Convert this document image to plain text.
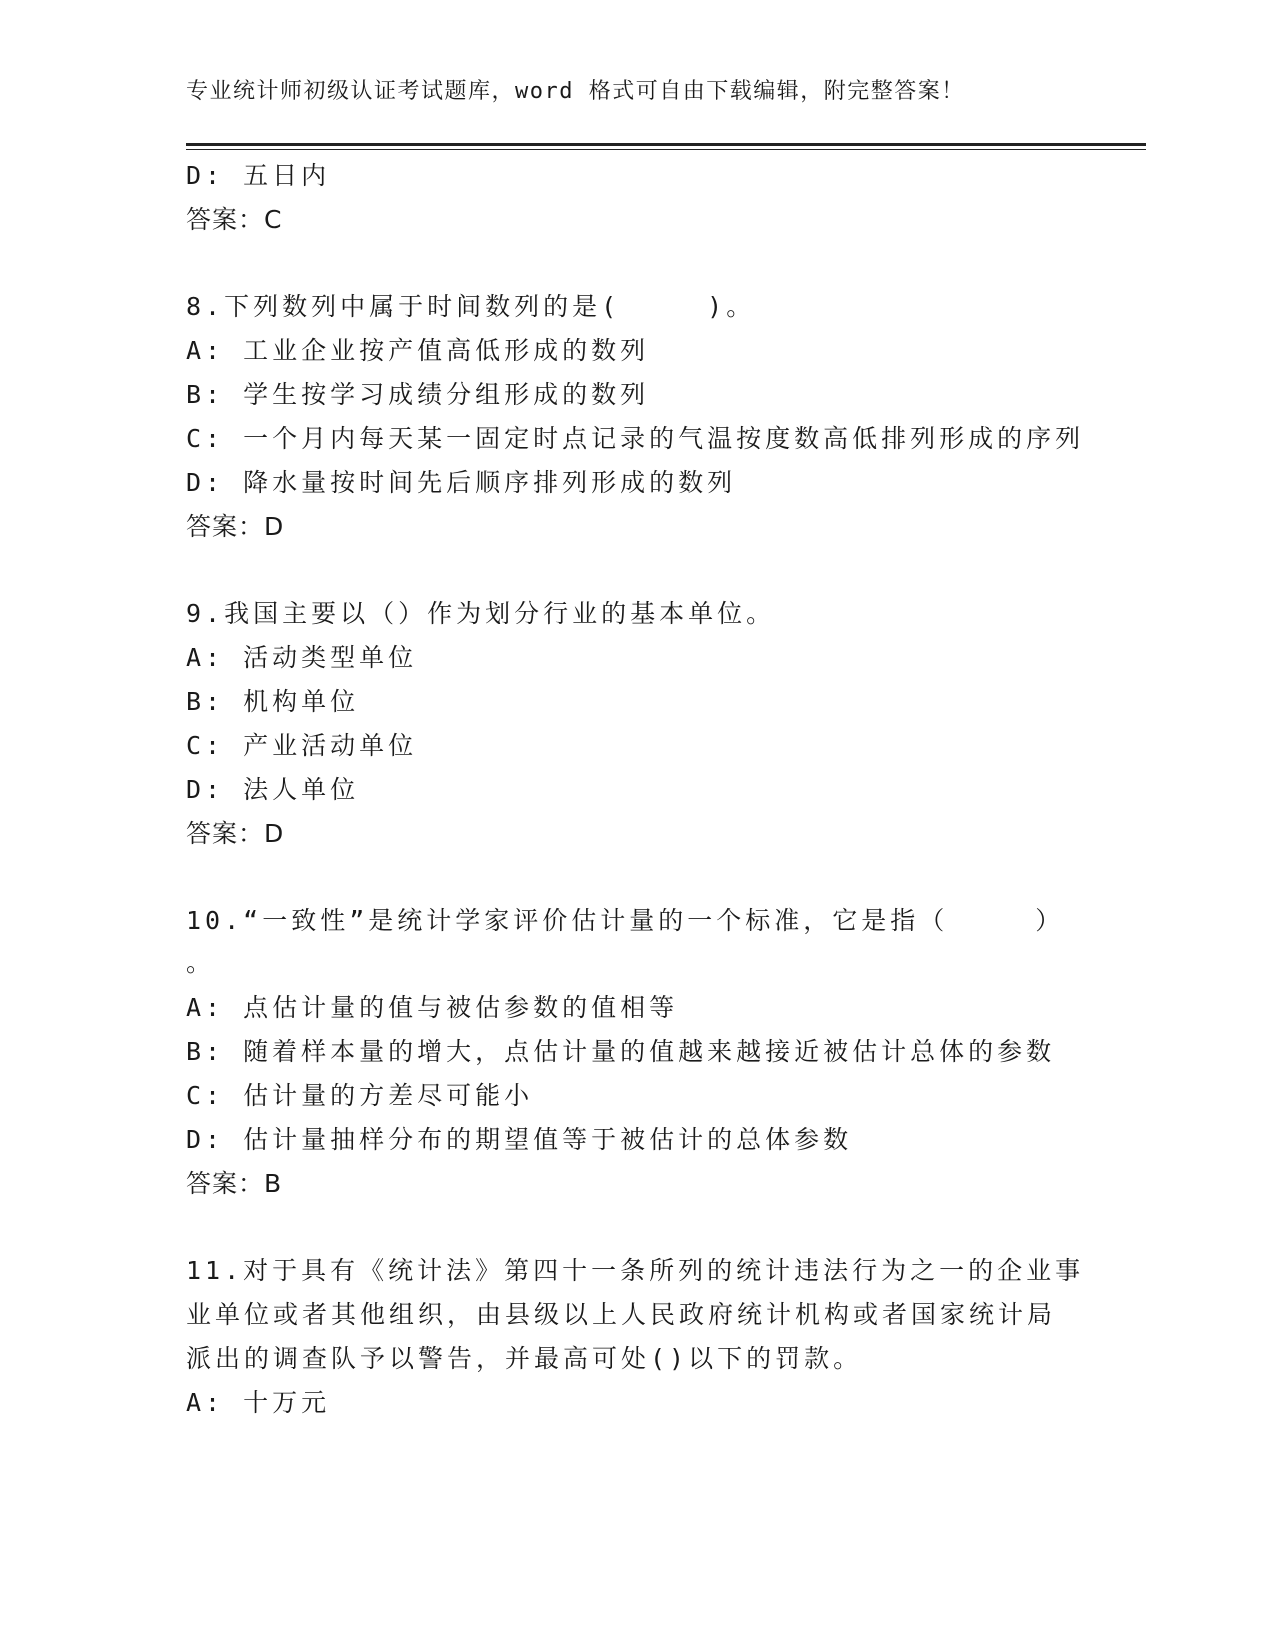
专业统计师初级认证考试题库，word 格式可自由下载编辑，附完整答案！
D: 五日内
答案：C
8.下列数列中属于时间数列的是(　　　)。
A: 工业企业按产值高低形成的数列
B: 学生按学习成绩分组形成的数列
C: 一个月内每天某一固定时点记录的气温按度数高低排列形成的序列
D: 降水量按时间先后顺序排列形成的数列
答案：D
9.我国主要以（）作为划分行业的基本单位。
A: 活动类型单位
B: 机构单位
C: 产业活动单位
D: 法人单位
答案：D
10.“一致性”是统计学家评价估计量的一个标准，它是指（　　　）
。
A: 点估计量的值与被估参数的值相等
B: 随着样本量的增大，点估计量的值越来越接近被估计总体的参数
C: 估计量的方差尽可能小
D: 估计量抽样分布的期望值等于被估计的总体参数
答案：B
11.对于具有《统计法》第四十一条所列的统计违法行为之一的企业事
业单位或者其他组织，由县级以上人民政府统计机构或者国家统计局
派出的调查队予以警告，并最高可处()以下的罚款。
A: 十万元
